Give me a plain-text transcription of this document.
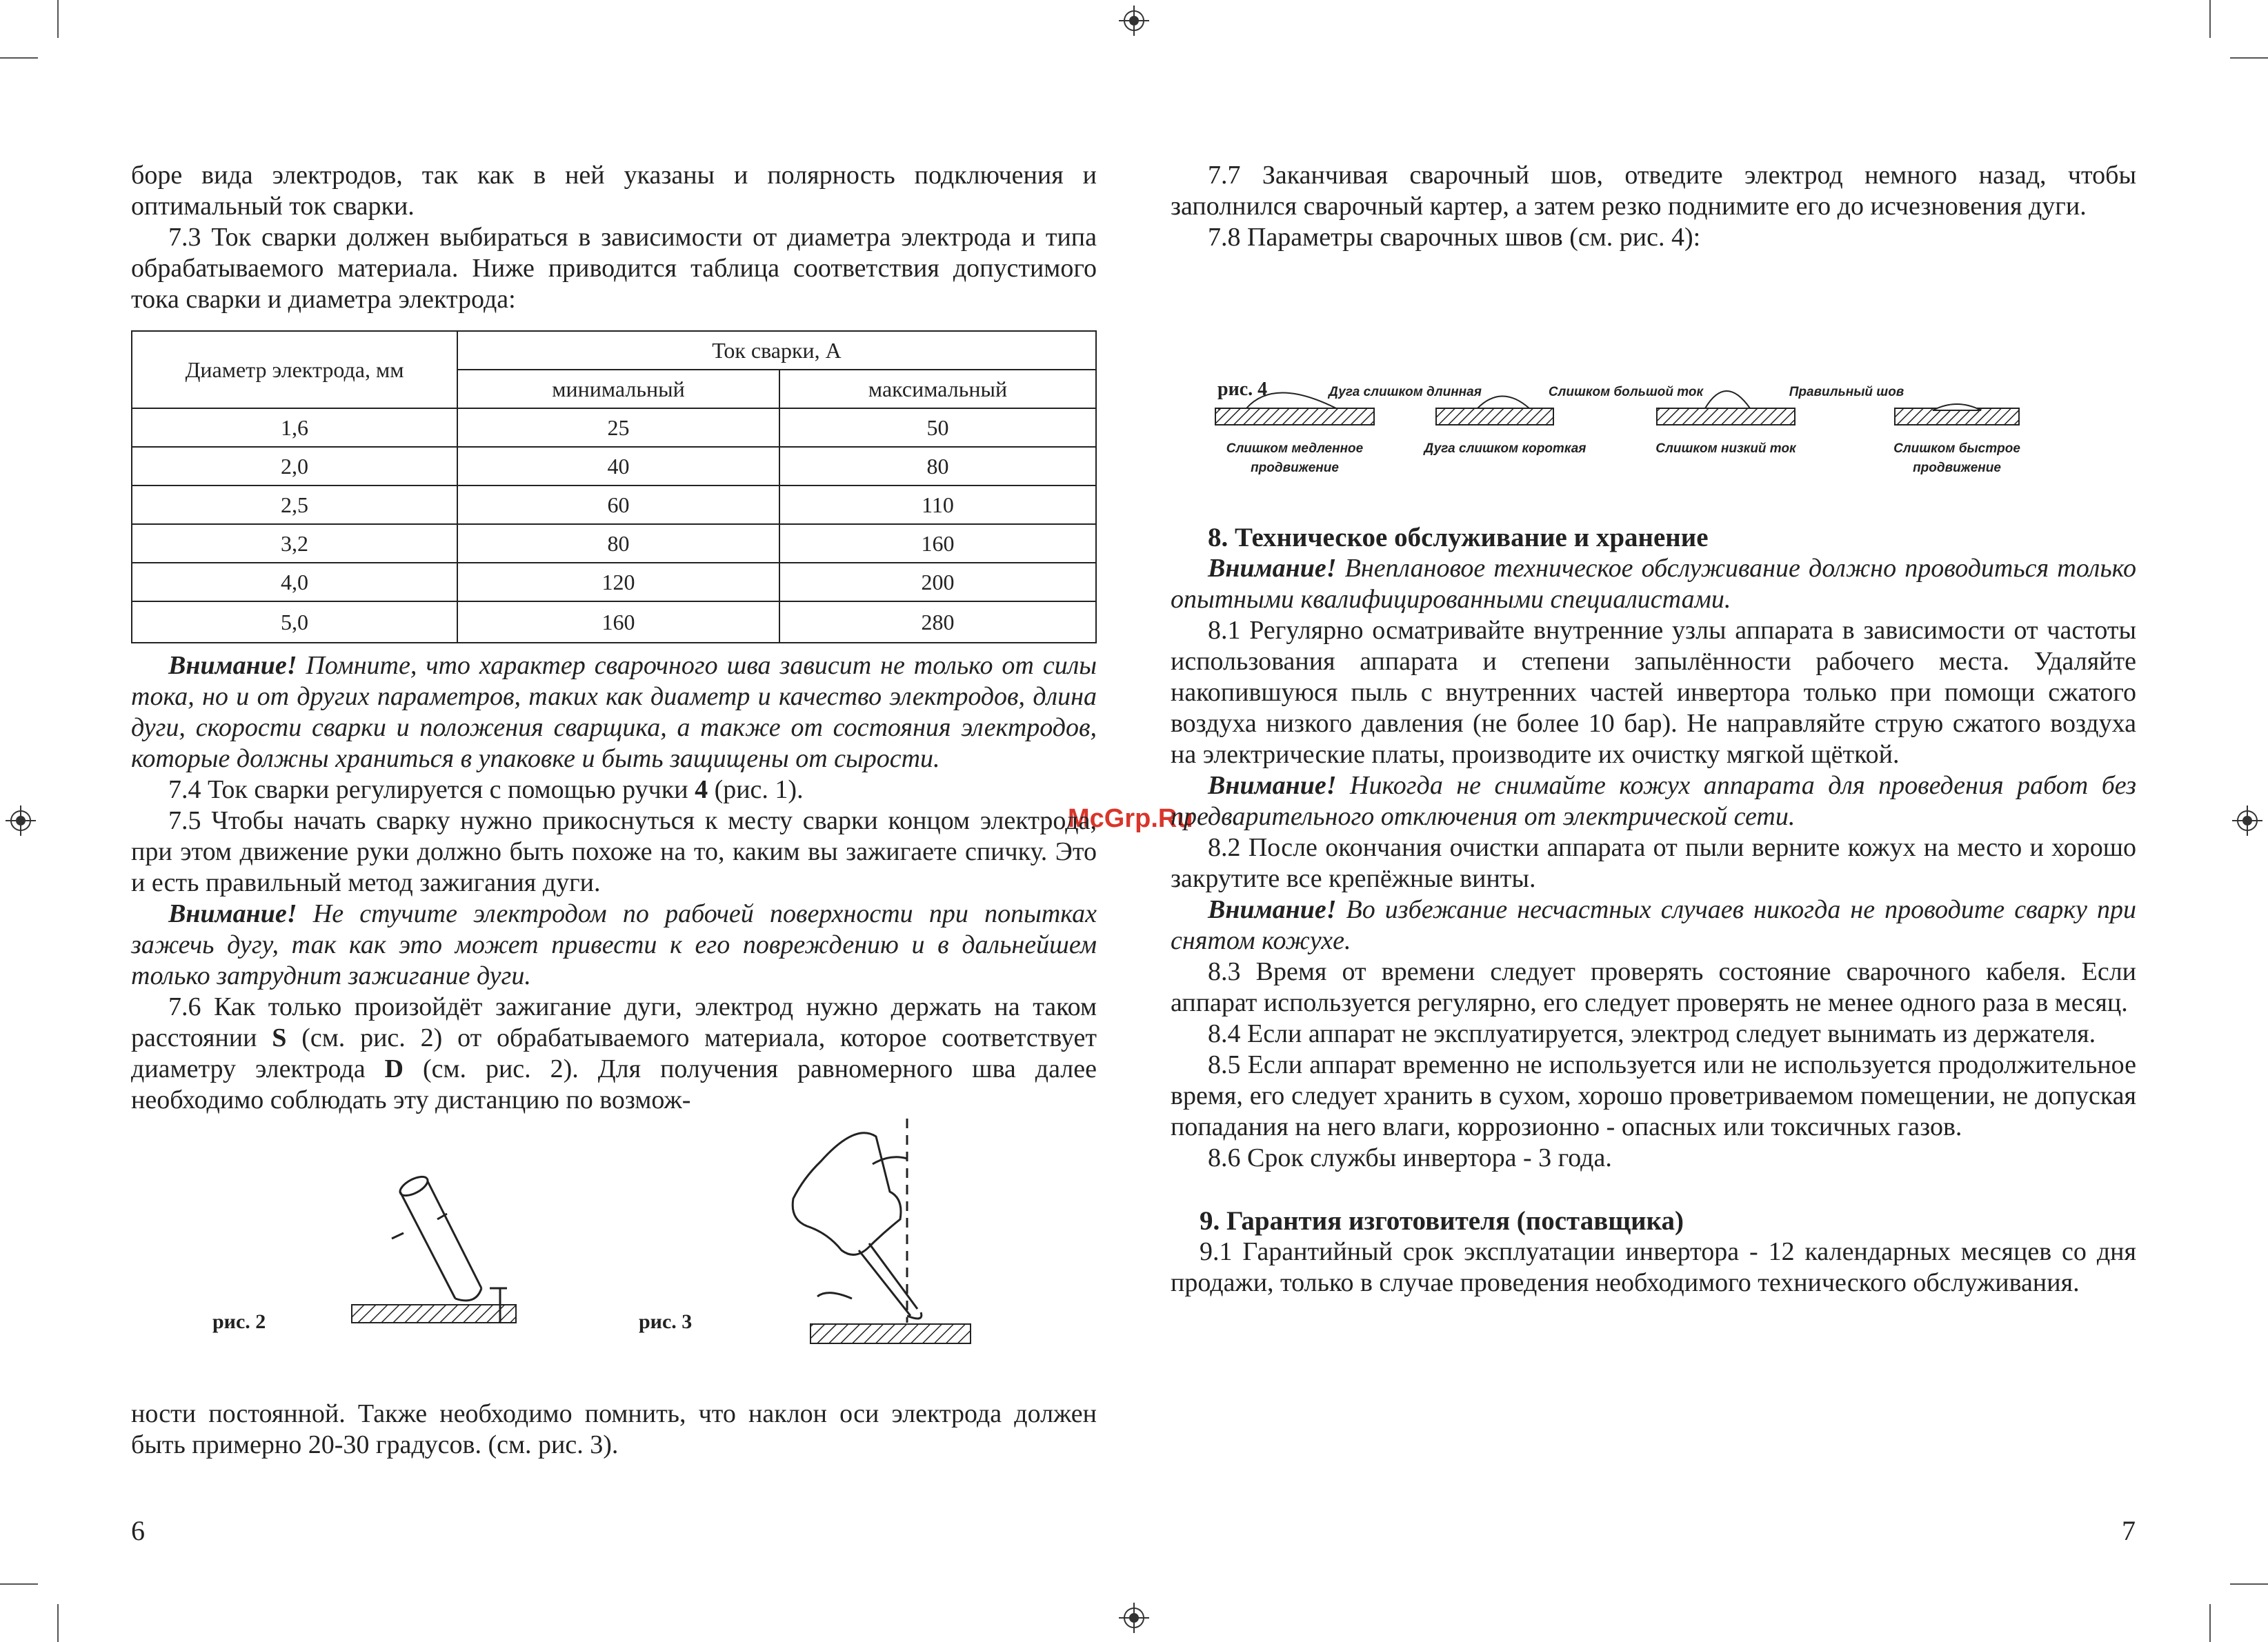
McGrp.Ru

боре вида электродов, так как в ней указаны и полярность подключения и оптимальный ток сварки.

7.3 Ток сварки должен выбираться в зависимости от диаметра электрода и типа обрабатываемого материала. Ниже приводится таблица соответствия допустимого тока сварки и диаметра электрода:

Диаметр электрода, мм	Ток сварки, А	
	минимальный	максимальный
1,6	25	50
2,0	40	80
2,5	60	110
3,2	80	160
4,0	120	200
5,0	160	280

Внимание! Помните, что характер сварочного шва зависит не только от силы тока, но и от других параметров, таких как диаметр и качество электродов, длина дуги, скорости сварки и положения сварщика, а также от состояния электродов, которые должны храниться в упаковке и быть защищены от сырости.

7.4 Ток сварки регулируется с помощью ручки 4 (рис. 1).

7.5 Чтобы начать сварку нужно прикоснуться к месту сварки концом электрода, при этом движение руки должно быть похоже на то, каким вы зажигаете спичку. Это и есть правильный метод зажигания дуги.

Внимание! Не стучите электродом по рабочей поверхности при попытках зажечь дугу, так как это может привести к его повреждению и в дальнейшем только затруднит зажигание дуги.

7.6 Как только произойдёт зажигание дуги, электрод нужно держать на таком расстоянии S (см. рис. 2) от обрабатываемого материала, которое соответствует диаметру электрода D (см. рис. 2). Для получения равномерного шва далее необходимо соблюдать эту дистанцию по возмож-

рис. 2	рис. 3

ности постоянной. Также необходимо помнить, что наклон оси электрода должен быть примерно 20-30 градусов. (см. рис. 3).

6

7.7 Заканчивая сварочный шов, отведите электрод немного назад, чтобы заполнился сварочный картер, а затем резко поднимите его до исчезновения дуги.

7.8 Параметры сварочных швов (см. рис. 4):

Слишком медленное продвижение
Дуга слишком короткая	Слишком низкий ток	Слишком быстрое продвижение
рис. 4	Дуга слишком длинная	Слишком большой ток	Правильный шов
8. Техническое обслуживание и хранение

Внимание! Внеплановое техническое обслуживание должно проводиться только опытными квалифицированными специалистами.

8.1 Регулярно осматривайте внутренние узлы аппарата в зависимости от частоты использования аппарата и степени запылённости рабочего места. Удаляйте накопившуюся пыль с внутренних частей инвертора только при помощи сжатого воздуха низкого давления (не более 10 бар). Не направляйте струю сжатого воздуха на электрические платы, производите их очистку мягкой щёткой.

Внимание! Никогда не снимайте кожух аппарата для проведения работ без предварительного отключения от электрической сети.

8.2 После окончания очистки аппарата от пыли верните кожух на место и хорошо закрутите все крепёжные винты.

Внимание! Во избежание несчастных случаев никогда не проводите сварку при снятом кожухе.

8.3 Время от времени следует проверять состояние сварочного кабеля. Если аппарат используется регулярно, его следует проверять не менее одного раза в месяц.

8.4 Если аппарат не эксплуатируется, электрод следует вынимать из держателя.

8.5 Если аппарат временно не используется или не используется продолжительное время, его следует хранить в сухом, хорошо проветриваемом помещении, не допуская попадания на него влаги, коррозионно - опасных или токсичных газов.

8.6 Срок службы инвертора - 3 года.

9. Гарантия изготовителя (поставщика)

9.1 Гарантийный срок эксплуатации инвертора - 12 календарных месяцев со дня продажи, только в случае проведения необходимого технического обслуживания.

7
